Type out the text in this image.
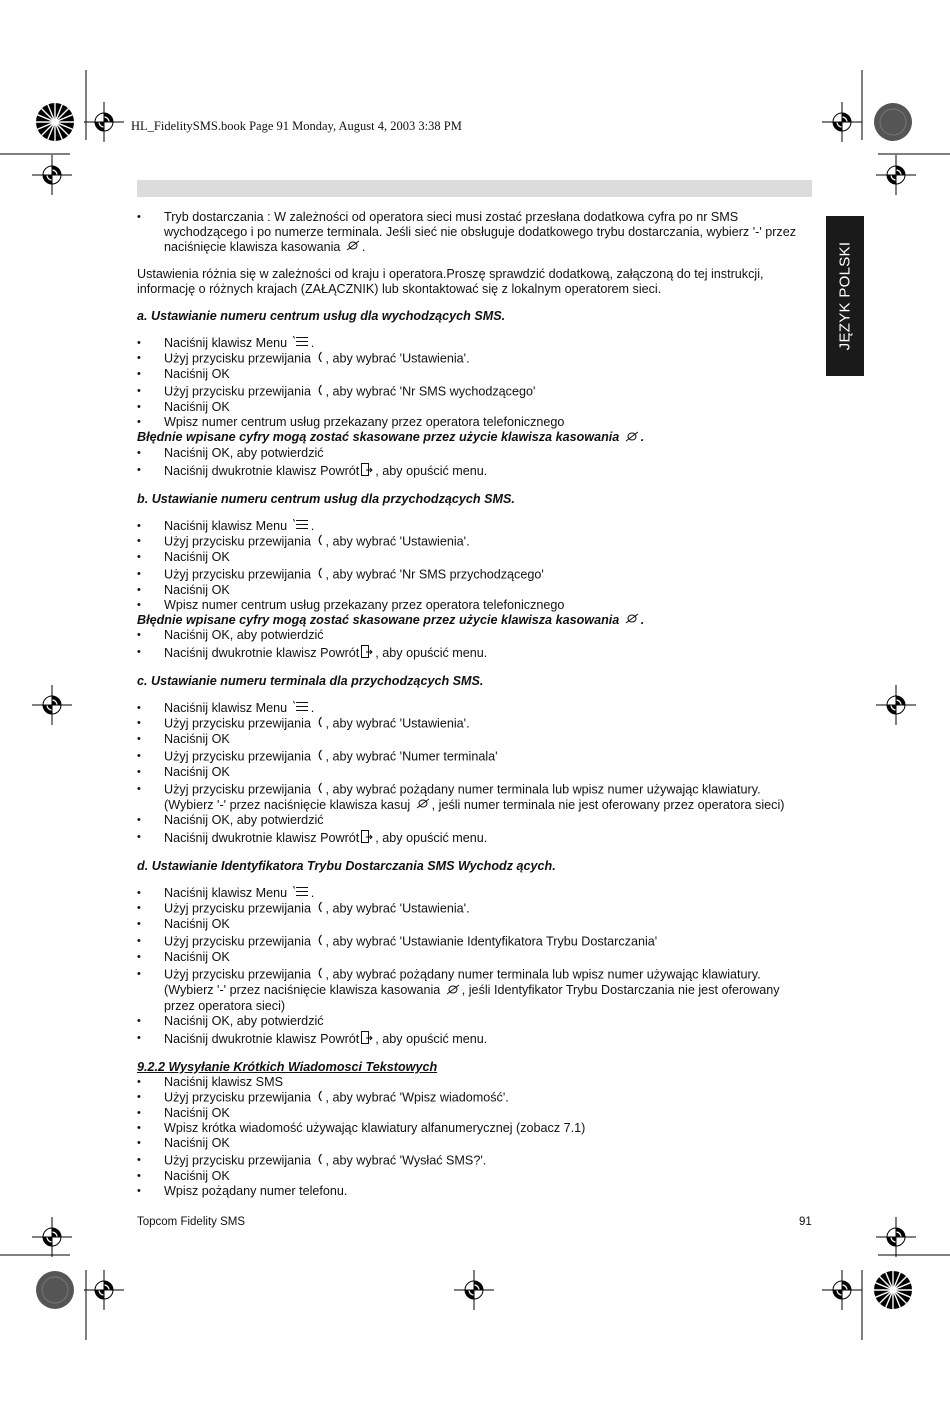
HL_FidelitySMS.book Page 91 Monday, August 4, 2003 3:38 PM
JĘZYK POLSKI
• Tryb dostarczania : W zależności od operatora sieci musi zostać przesłana dodatkowa cyfra po nr SMS wychodzącego i po numerze terminala. Jeśli sieć nie obsługuje dodatkowego trybu dostarczania, wybierz '-' przez naciśnięcie klawisza kasowania .
Ustawienia różnia się w zależności od kraju i operatora.Proszę sprawdzić dodatkową, załączoną do tej instrukcji, informację o różnych krajach (ZAŁĄCZNIK) lub skontaktować się z lokalnym operatorem sieci.
a. Ustawianie numeru centrum usług dla wychodzących SMS.
• Naciśnij klawisz Menu .
• Użyj przycisku przewijania , aby wybrać 'Ustawienia'.
• Naciśnij OK
• Użyj przycisku przewijania , aby wybrać 'Nr SMS wychodzącego'
• Naciśnij OK
• Wpisz numer centrum usług przekazany przez operatora telefonicznego
Błędnie wpisane cyfry mogą zostać skasowane przez użycie klawisza kasowania .
• Naciśnij OK, aby potwierdzić
• Naciśnij dwukrotnie klawisz Powrót , aby opuścić menu.
b. Ustawianie numeru centrum usług dla przychodzących SMS.
• Naciśnij klawisz Menu .
• Użyj przycisku przewijania , aby wybrać 'Ustawienia'.
• Naciśnij OK
• Użyj przycisku przewijania , aby wybrać 'Nr SMS przychodzącego'
• Naciśnij OK
• Wpisz numer centrum usług przekazany przez operatora telefonicznego
Błędnie wpisane cyfry mogą zostać skasowane przez użycie klawisza kasowania .
• Naciśnij OK, aby potwierdzić
• Naciśnij dwukrotnie klawisz Powrót , aby opuścić menu.
c. Ustawianie numeru terminala dla przychodzących SMS.
• Naciśnij klawisz Menu .
• Użyj przycisku przewijania , aby wybrać 'Ustawienia'.
• Naciśnij OK
• Użyj przycisku przewijania , aby wybrać 'Numer terminala'
• Naciśnij OK
• Użyj przycisku przewijania , aby wybrać pożądany numer terminala lub wpisz numer używając klawiatury.
(Wybierz '-' przez naciśnięcie klawisza kasuj , jeśli numer terminala nie jest oferowany przez operatora sieci)
• Naciśnij OK, aby potwierdzić
• Naciśnij dwukrotnie klawisz Powrót , aby opuścić menu.
d. Ustawianie Identyfikatora Trybu Dostarczania SMS Wychodz ących.
• Naciśnij klawisz Menu .
• Użyj przycisku przewijania , aby wybrać 'Ustawienia'.
• Naciśnij OK
• Użyj przycisku przewijania , aby wybrać 'Ustawianie Identyfikatora Trybu Dostarczania'
• Naciśnij OK
• Użyj przycisku przewijania , aby wybrać pożądany numer terminala lub wpisz numer używając klawiatury.
(Wybierz '-' przez naciśnięcie klawisza kasowania , jeśli Identyfikator Trybu Dostarczania nie jest oferowany przez operatora sieci)
• Naciśnij OK, aby potwierdzić
• Naciśnij dwukrotnie klawisz Powrót , aby opuścić menu.
9.2.2 Wysyłanie Krótkich Wiadomosci Tekstowych
• Naciśnij klawisz SMS
• Użyj przycisku przewijania , aby wybrać 'Wpisz wiadomość'.
• Naciśnij OK
• Wpisz krótka wiadomość używając klawiatury alfanumerycznej (zobacz 7.1)
• Naciśnij OK
• Użyj przycisku przewijania , aby wybrać 'Wysłać SMS?'.
• Naciśnij OK
• Wpisz pożądany numer telefonu.
Topcom Fidelity SMS	91
